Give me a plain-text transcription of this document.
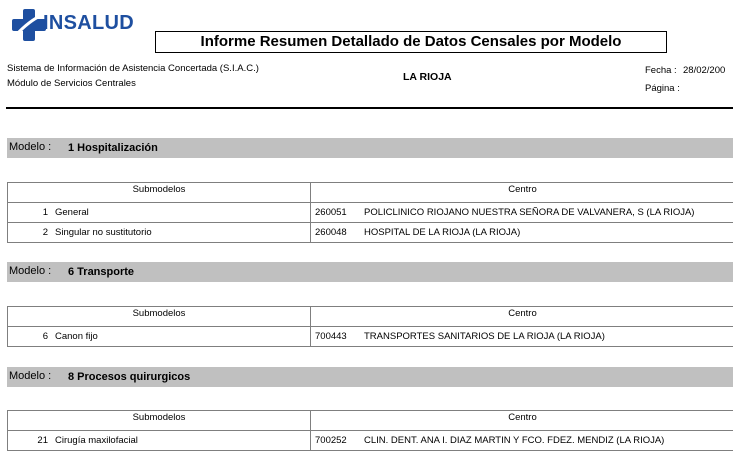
INSALUD
Informe Resumen Detallado de Datos Censales por Modelo
Sistema de Información de Asistencia Concertada (S.I.A.C.)
Módulo de Servicios Centrales
LA RIOJA
Fecha : 28/02/200
Página :
Modelo : 1 Hospitalización
Submodelos	Centro
1 General	260051 POLICLINICO RIOJANO NUESTRA SEÑORA DE VALVANERA, S (LA RIOJA)
2 Singular no sustitutorio	260048 HOSPITAL DE LA RIOJA (LA RIOJA)
Modelo : 6 Transporte
Submodelos	Centro
6 Canon fijo	700443 TRANSPORTES SANITARIOS DE LA RIOJA (LA RIOJA)
Modelo : 8 Procesos quirurgicos
Submodelos	Centro
21 Cirugía maxilofacial	700252 CLIN. DENT. ANA I. DIAZ MARTIN Y FCO. FDEZ. MENDIZ (LA RIOJA)
